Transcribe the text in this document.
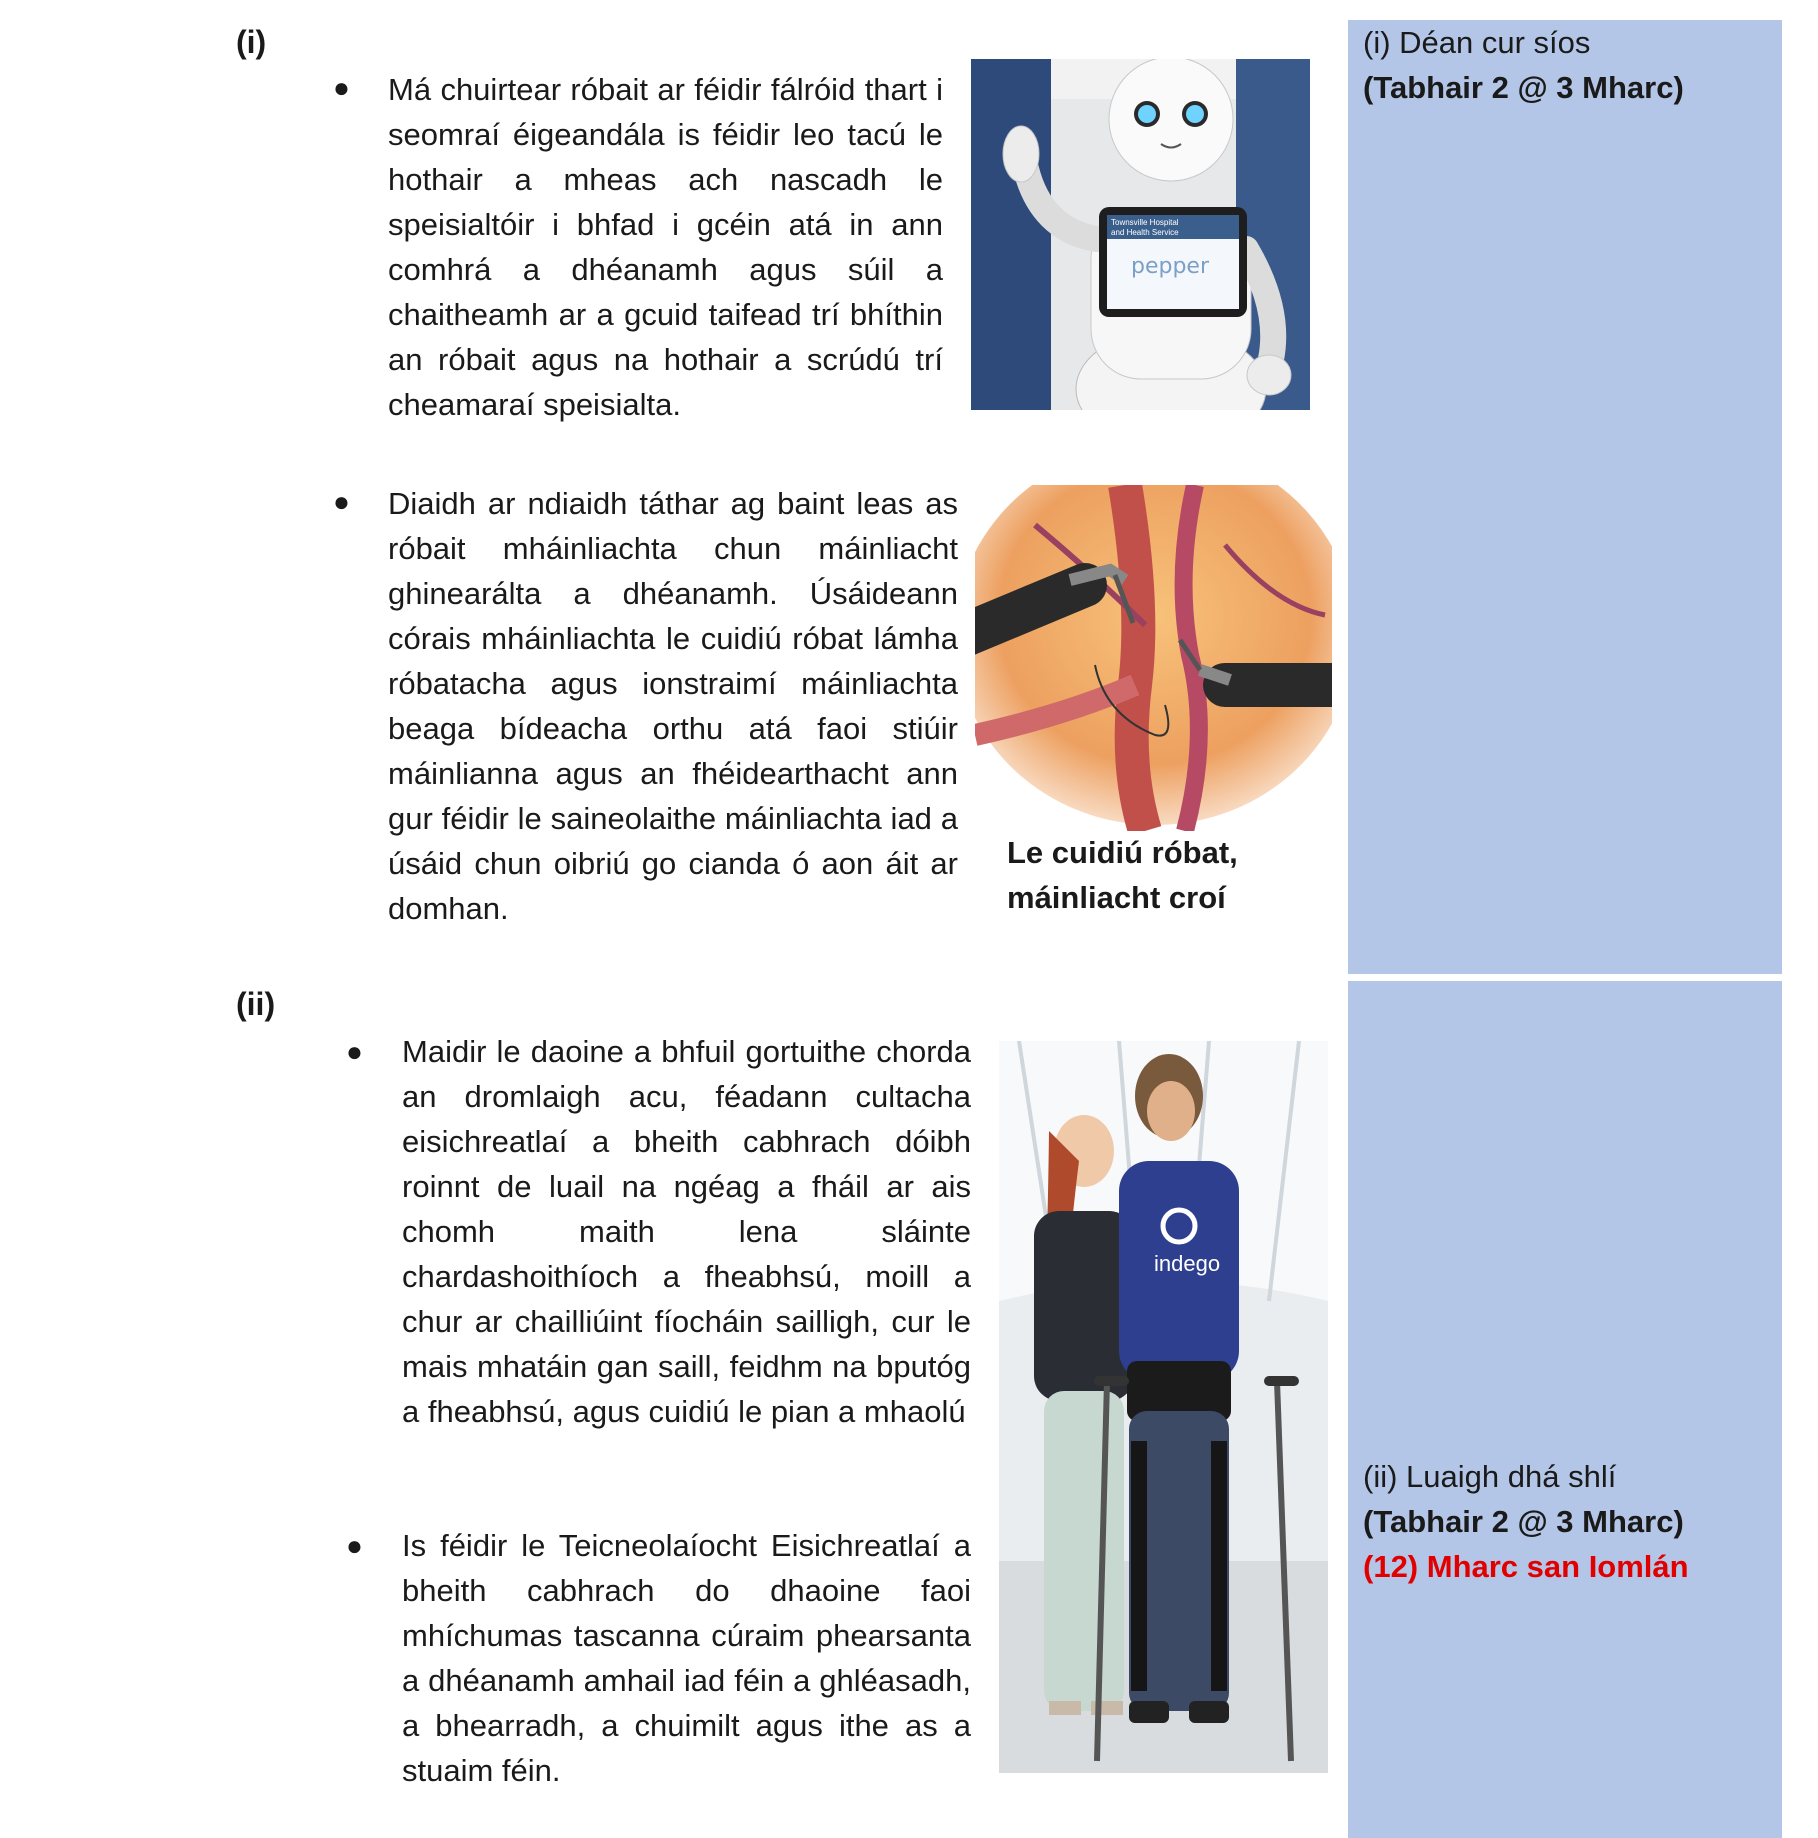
(i)
● Má chuirtear róbait ar féidir fálróid thart i seomraí éigeandála is féidir leo tacú le hothair a mheas ach nascadh le speisialtóir i bhfad i gcéin atá in ann comhrá a dhéanamh agus súil a chaitheamh ar a gcuid taifead trí bhíthin an róbait agus na hothair a scrúdú trí cheamaraí speisialta.
● Diaidh ar ndiaidh táthar ag baint leas as róbait mháinliachta chun máinliacht ghinearálta a dhéanamh. Úsáideann córais mháinliachta le cuidiú róbat lámha róbatacha agus ionstraimí máinliachta beaga bídeacha orthu atá faoi stiúir máinlianna agus an fhéidearthacht ann gur féidir le saineolaithe máinliachta iad a úsáid chun oibriú go cianda ó aon áit ar domhan.
Townsville Hospital
and Health Service
pepper
Le cuidiú róbat,
máinliacht croí
(ii)
● Maidir le daoine a bhfuil gortuithe chorda an dromlaigh acu, féadann cultacha eisichreatlaí a bheith cabhrach dóibh roinnt de luail na ngéag a fháil ar ais chomh maith lena sláinte chardashoithíoch a fheabhsú, moill a chur ar chailliúint fíocháin sailligh, cur le mais mhatáin gan saill, feidhm na bputóg a fheabhsú, agus cuidiú le pian a mhaolú
● Is féidir le Teicneolaíocht Eisichreatlaí a bheith cabhrach do dhaoine faoi mhíchumas tascanna cúraim phearsanta a dhéanamh amhail iad féin a ghléasadh, a bhearradh, a chuimilt agus ithe as a stuaim féin.
indego
(i) Déan cur síos
(Tabhair 2 @ 3 Mharc)
(ii) Luaigh dhá shlí
(Tabhair 2 @ 3 Mharc)
(12) Mharc san Iomlán
